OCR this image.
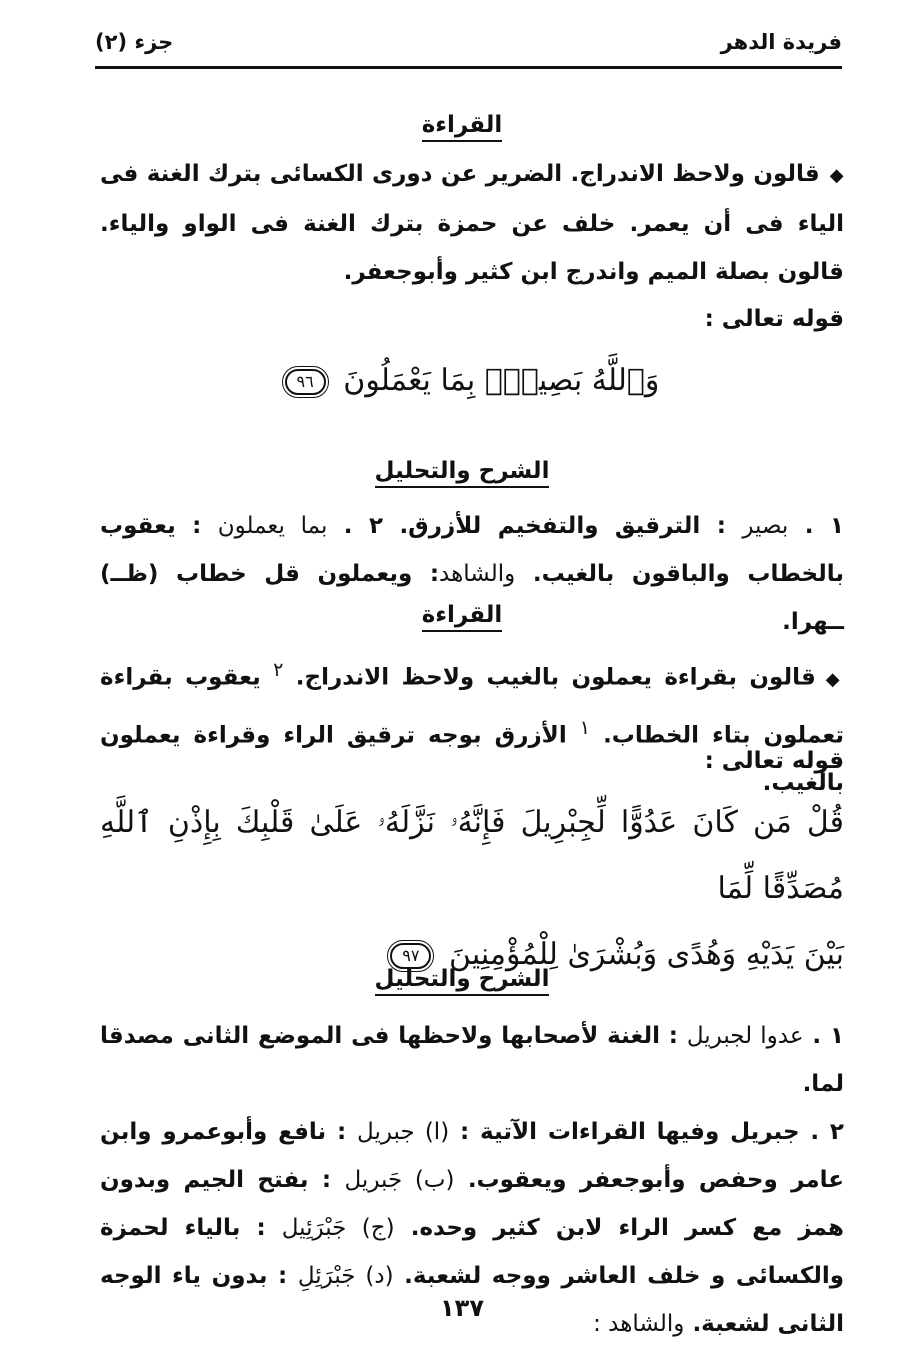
فريدة الدهر
جزء (٢)
القراءة

◆قالون ولاحظ الاندراج. الضرير عن دورى الكسائى بترك الغنة فى الياء فى أن يعمر. خلف عن حمزة بترك الغنة فى الواو والياء. قالون بصلة الميم واندرج ابن كثير وأبوجعفر.

قوله تعالى :
وَٱللَّهُ بَصِيرٌۢ بِمَا يَعْمَلُونَ ٩٦
الشرح والتحليل

١ . بصير : الترقيق والتفخيم للأزرق. ٢ . بما يعملون : يعقوب بالخطاب والباقون بالغيب. والشاهد: ويعملون قل خطاب (ظــ) ــهرا.

القراءة

◆قالون بقراءة يعملون بالغيب ولاحظ الاندراج. $^٢$ يعقوب بقراءة تعملون بتاء الخطاب. $^١$ الأزرق بوجه ترقيق الراء وقراءة يعملون بالغيب.

قوله تعالى :

قُلْ مَن كَانَ عَدُوًّا لِّجِبْرِيلَ فَإِنَّهُۥ نَزَّلَهُۥ عَلَىٰ قَلْبِكَ بِإِذْنِ ٱللَّهِ مُصَدِّقًا لِّمَا

بَيْنَ يَدَيْهِ وَهُدًى وَبُشْرَىٰ لِلْمُؤْمِنِينَ ٩٧

الشرح والتحليل

١ . عدوا لجبريل : الغنة لأصحابها ولاحظها فى الموضع الثانى مصدقا لما.

٢ . جبريل وفيها القراءات الآتية : (ا) جبريل : نافع وأبوعمرو وابن عامر وحفص وأبوجعفر ويعقوب. (ب) جَبريل : بفتح الجيم وبدون همز مع كسر الراء لابن كثير وحده. (ج) جَبْرَئِيل : بالياء لحمزة والكسائى و خلف العاشر ووجه لشعبة. (د) جَبْرَئِلِ : بدون ياء الوجه الثانى لشعبة. والشاهد :

١٣٧
